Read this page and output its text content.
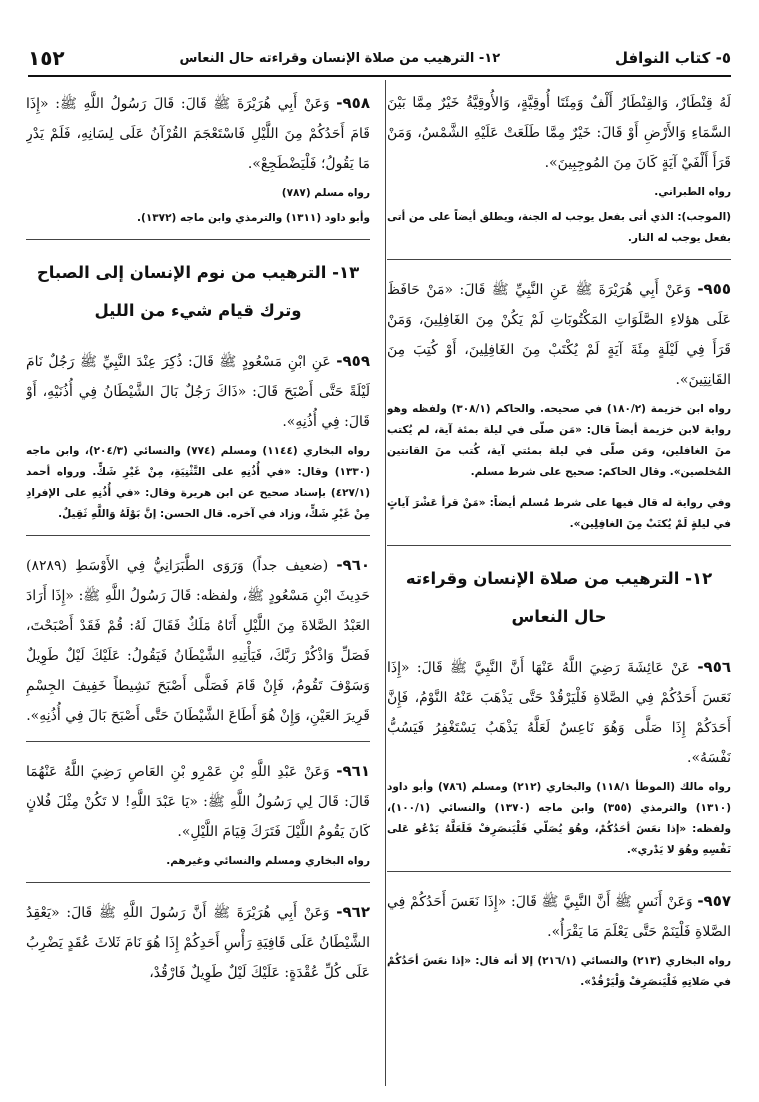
٥- كتاب النوافل
١٢- الترهيب من صلاة الإنسان وقراءته حال النعاس
١٥٢

لَهُ قِنْطَارٌ، وَالقِنْطَارُ أَلْفٌ وَمِئَتَا أُوقِيَّةٍ، وَالأُوقِيَّةُ خَيْرٌ مِمَّا بَيْنَ السَّمَاءِ وَالأَرْضِ أَوْ قَالَ: خَيْرٌ مِمَّا طَلَعَتْ عَلَيْهِ الشَّمْسُ، وَمَنْ قَرَأَ أَلْفَيْ آيَةٍ كَانَ مِنَ المُوجِبِينَ».

رواه الطبراني.

(الموجب): الذي أتى بفعل يوجب له الجنة، ويطلق أيضاً على من أتى بفعل يوجب له النار.

٩٥٥- وَعَنْ أَبِي هُرَيْرَةَ ﷺ عَنِ النَّبِيِّ ﷺ قَالَ: «مَنْ حَافَظَ عَلَى هؤلاءِ الصَّلَوَاتِ المَكْتُوبَاتِ لَمْ يَكُنْ مِنَ الغَافِلِينَ، وَمَنْ قَرَأَ فِي لَيْلَةٍ مِئَةَ آيَةٍ لَمْ يُكْتَبْ مِنَ الغَافِلِينَ، أَوْ كُتِبَ مِنَ القَانِتِينَ».

رواه ابن خزيمة (١٨٠/٢) في صحيحه. والحاكم (٣٠٨/١) ولفظه وهو رواية لابن خزيمة أيضاً قال: «مَن صلّى في ليلة بمئة آية، لم يُكتب منَ الغافلين، ومَن صلّى في ليلة بمئتي آية، كُتب منَ القانتين المُخلصين». وقال الحاكم: صحيح على شرط مسلم.

وفي رواية له قال فيها على شرط مُسلم أيضاً: «مَنْ قرأ عَشْرَ آياتٍ في ليلةٍ لَمْ يُكتَبْ مِنَ الغافِلِين».

١٢- الترهيب من صلاة الإنسان وقراءته حال النعاس

٩٥٦- عَنْ عَائِشَةَ رَضِيَ اللَّهُ عَنْهَا أَنَّ النَّبِيَّ ﷺ قَالَ: «إِذَا نَعَسَ أَحَدُكُمْ فِي الصَّلاةِ فَلْيَرْقُدْ حَتَّى يَذْهَبَ عَنْهُ النَّوْمُ، فَإِنَّ أَحَدَكُمْ إِذَا صَلَّى وَهُوَ نَاعِسٌ لَعَلَّهُ يَذْهَبُ يَسْتَغْفِرُ فَيَسُبُّ نَفْسَهُ».

رواه مالك (الموطأ ١١٨/١) والبخاري (٢١٢) ومسلم (٧٨٦) وأبو داود (١٣١٠) والترمذي (٣٥٥) وابن ماجه (١٣٧٠) والنسائي (١٠٠/١)، ولفظه: «إذا نعَسَ أحَدُكُمْ، وهُوَ يُصَلّي فَلْيَنصَرِفْ فَلَعَلَّهُ يَدْعُو عَلى نَفْسِهِ وهُوَ لا يَدْري».

٩٥٧- وَعَنْ أَنَسٍ ﷺ أَنَّ النَّبِيَّ ﷺ قَالَ: «إِذَا نَعَسَ أَحَدُكُمْ فِي الصَّلاةِ فَلْيَنَمْ حَتَّى يَعْلَمَ مَا يَقْرَأُ».

رواه البخاري (٢١٣) والنسائي (٢١٦/١) إلا أنه قال: «إذا نعَسَ أحَدُكُمْ في صَلاتِهِ فَلْيَنصَرِفْ وَلْيَرْقُدْ».

٩٥٨- وَعَنْ أَبِي هُرَيْرَةَ ﷺ قَالَ: قَالَ رَسُولُ اللَّهِ ﷺ: «إِذَا قَامَ أَحَدُكُمْ مِنَ اللَّيْلِ فَاسْتَعْجَمَ القُرْآنُ عَلَى لِسَانِهِ، فَلَمْ يَدْرِ مَا يَقُولُ؛ فَلْيَضْطَجِعْ».

رواه مسلم (٧٨٧)

وأبو داود (١٣١١) والترمذي وابن ماجه (١٣٧٢).

١٣- الترهيب من نوم الإنسان إلى الصباح وترك قيام شيء من الليل

٩٥٩- عَنِ ابْنِ مَسْعُودٍ ﷺ قَالَ: ذُكِرَ عِنْدَ النَّبِيِّ ﷺ رَجُلٌ نَامَ لَيْلَةً حَتَّى أَصْبَحَ قَالَ: «ذَاكَ رَجُلٌ بَالَ الشَّيْطَانُ فِي أُذُنَيْهِ، أَوْ قَالَ: فِي أُذُنِهِ».

رواه البخاري (١١٤٤) ومسلم (٧٧٤) والنسائي (٢٠٤/٣)، وابن ماجه (١٣٣٠) وقال: «في أُذُنِهِ على التَّثْنِيَةِ، مِنْ غَيْرِ شَكٍّ. ورواه أحمد (٤٢٧/١) بإسناد صحيح عن ابن هريرة وقال: «في أُذُنِهِ على الإفرادِ مِنْ غَيْرِ شَكٍّ، وزاد في آخره. قال الحسن: إنَّ بَوْلَهُ وَاللَّهِ ثَقِيلٌ.

٩٦٠- (ضعيف جداً) وَرَوَى الطَّبَرَانِيُّ فِي الأَوْسَطِ (٨٢٨٩) حَدِيثَ ابْنِ مَسْعُودٍ ﷺ، ولفظه: قَالَ رَسُولُ اللَّهِ ﷺ: «إِذَا أَرَادَ العَبْدُ الصَّلاةَ مِنَ اللَّيْلِ أَتَاهُ مَلَكٌ فَقَالَ لَهُ: قُمْ فَقَدْ أَصْبَحْتَ، فَصَلِّ وَاذْكُرْ رَبَّكَ، فَيَأْتِيهِ الشَّيْطَانُ فَيَقُولُ: عَلَيْكَ لَيْلٌ طَوِيلٌ وَسَوْفَ تَقُومُ، فَإِنْ قَامَ فَصَلَّى أَصْبَحَ نَشِيطاً خَفِيفَ الجِسْمِ قَرِيرَ العَيْنِ، وَإِنْ هُوَ أَطَاعَ الشَّيْطَانَ حَتَّى أَصْبَحَ بَالَ فِي أُذُنِهِ».

٩٦١- وَعَنْ عَبْدِ اللَّهِ بْنِ عَمْرِو بْنِ العَاصِ رَضِيَ اللَّهُ عَنْهُمَا قَالَ: قَالَ لِي رَسُولُ اللَّهِ ﷺ: «يَا عَبْدَ اللَّهِ! لا تَكُنْ مِثْلَ فُلانٍ كَانَ يَقُومُ اللَّيْلَ فَتَرَكَ قِيَامَ اللَّيْلِ».

رواه البخاري ومسلم والنسائي وغيرهم.

٩٦٢- وَعَنْ أَبِي هُرَيْرَةَ ﷺ أَنَّ رَسُولَ اللَّهِ ﷺ قَالَ: «يَعْقِدُ الشَّيْطَانُ عَلَى قَافِيَةِ رَأْسِ أَحَدِكُمْ إِذَا هُوَ نَامَ ثَلاثَ عُقَدٍ يَضْرِبُ عَلَى كُلِّ عُقْدَةٍ: عَلَيْكَ لَيْلٌ طَوِيلٌ فَارْقُدْ،
